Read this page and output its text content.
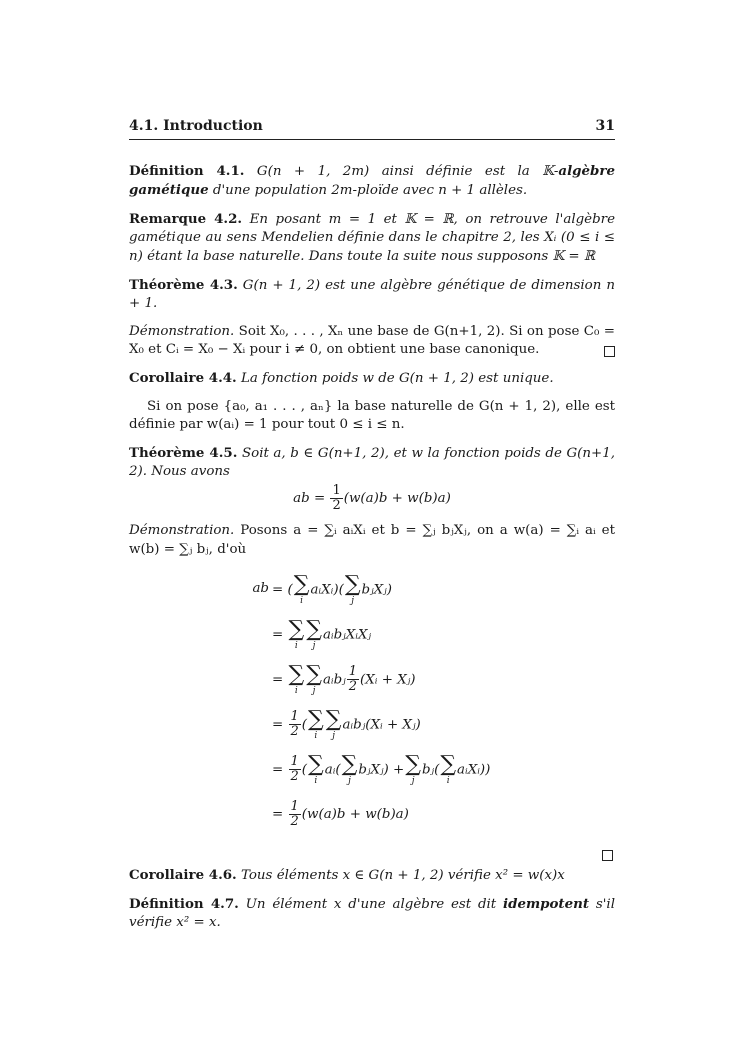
4.1. Introduction	31
Définition 4.1. G(n + 1, 2m) ainsi définie est la 𝕂-algèbre gamétique d'une population 2m-ploïde avec n + 1 allèles.
Remarque 4.2. En posant m = 1 et 𝕂 = ℝ, on retrouve l'algèbre gamétique au sens Mendelien définie dans le chapitre 2, les Xᵢ (0 ≤ i ≤ n) étant la base naturelle. Dans toute la suite nous supposons 𝕂 = ℝ
Théorème 4.3. G(n + 1, 2) est une algèbre génétique de dimension n + 1.
Démonstration. Soit X₀, . . . , Xₙ une base de G(n+1, 2). Si on pose C₀ = X₀ et Cᵢ = X₀ − Xᵢ pour i ≠ 0, on obtient une base canonique.
Corollaire 4.4. La fonction poids w de G(n + 1, 2) est unique.
Si on pose {a₀, a₁ . . . , aₙ} la base naturelle de G(n + 1, 2), elle est définie par w(aᵢ) = 1 pour tout 0 ≤ i ≤ n.
Théorème 4.5. Soit a, b ∈ G(n+1, 2), et w la fonction poids de G(n+1, 2). Nous avons
ab = $\frac{1}{2} (w(a)b + w(b)a)$
Démonstration. Posons a = ∑ᵢ aᵢXᵢ et b = ∑ⱼ bⱼXⱼ, on a w(a) = ∑ᵢ aᵢ et w(b) = ∑ⱼ bⱼ, d'où
ab = ( ∑
i
aᵢXᵢ)( ∑
j
bⱼXⱼ)
= ∑
i
∑
j
aᵢbⱼXᵢXⱼ
= ∑
i
∑
j
aᵢbⱼ $\frac{1}{2}$ (Xᵢ + Xⱼ)
= $\frac{1}{2}$ ( ∑
i
∑
j
aᵢbⱼ(Xᵢ + Xⱼ)
= $\frac{1}{2}$ ( ∑
i
aᵢ( ∑
j
bⱼXⱼ) + ∑
j
bⱼ( ∑
i
aᵢXᵢ))
= $\frac{1}{2} (w(a)b + w(b)a)$
Corollaire 4.6. Tous éléments x ∈ G(n + 1, 2) vérifie x² = w(x)x
Définition 4.7. Un élément x d'une algèbre est dit idempotent s'il vérifie x² = x.
